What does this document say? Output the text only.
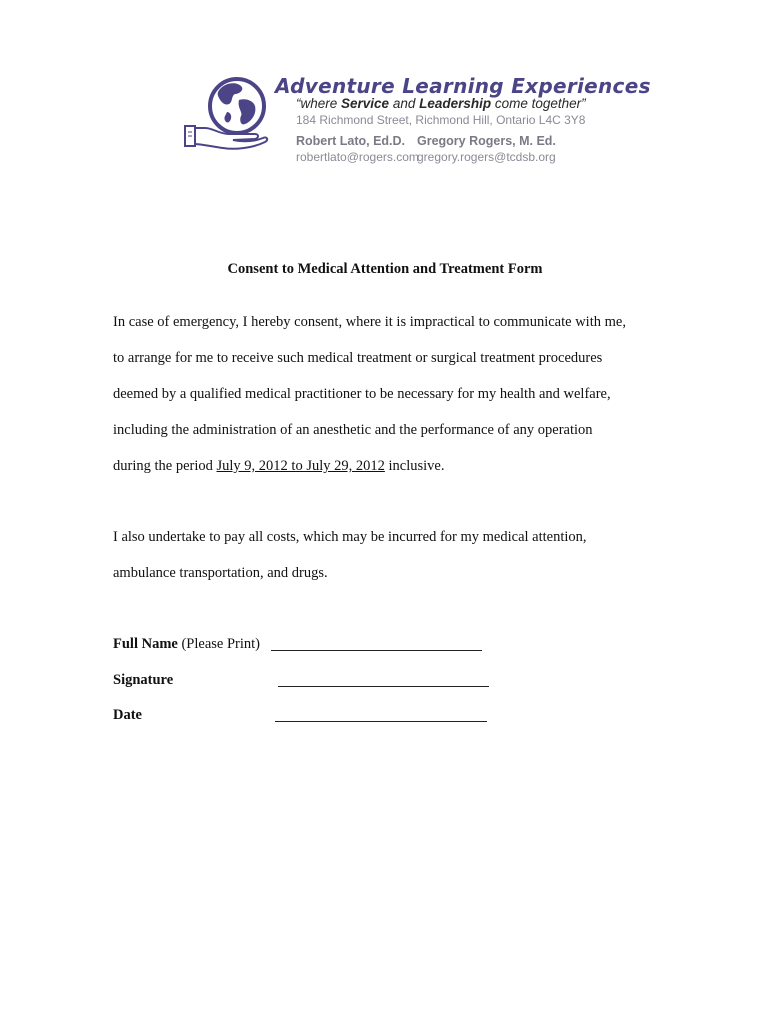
Adventure Learning Experiences
“where Service and Leadership come together”
184 Richmond Street, Richmond Hill, Ontario L4C 3Y8
Robert Lato, Ed.D.
robertlato@rogers.com
Gregory Rogers, M. Ed.
gregory.rogers@tcdsb.org
Consent to Medical Attention and Treatment Form
In case of emergency, I hereby consent, where it is impractical to communicate with me,
to arrange for me to receive such medical treatment or surgical treatment procedures
deemed by a qualified medical practitioner to be necessary for my health and welfare,
including the administration of an anesthetic and the performance of any operation
during the period July 9, 2012 to July 29, 2012 inclusive.
I also undertake to pay all costs, which may be incurred for my medical attention,
ambulance transportation, and drugs.
Full Name (Please Print)
Signature
Date
